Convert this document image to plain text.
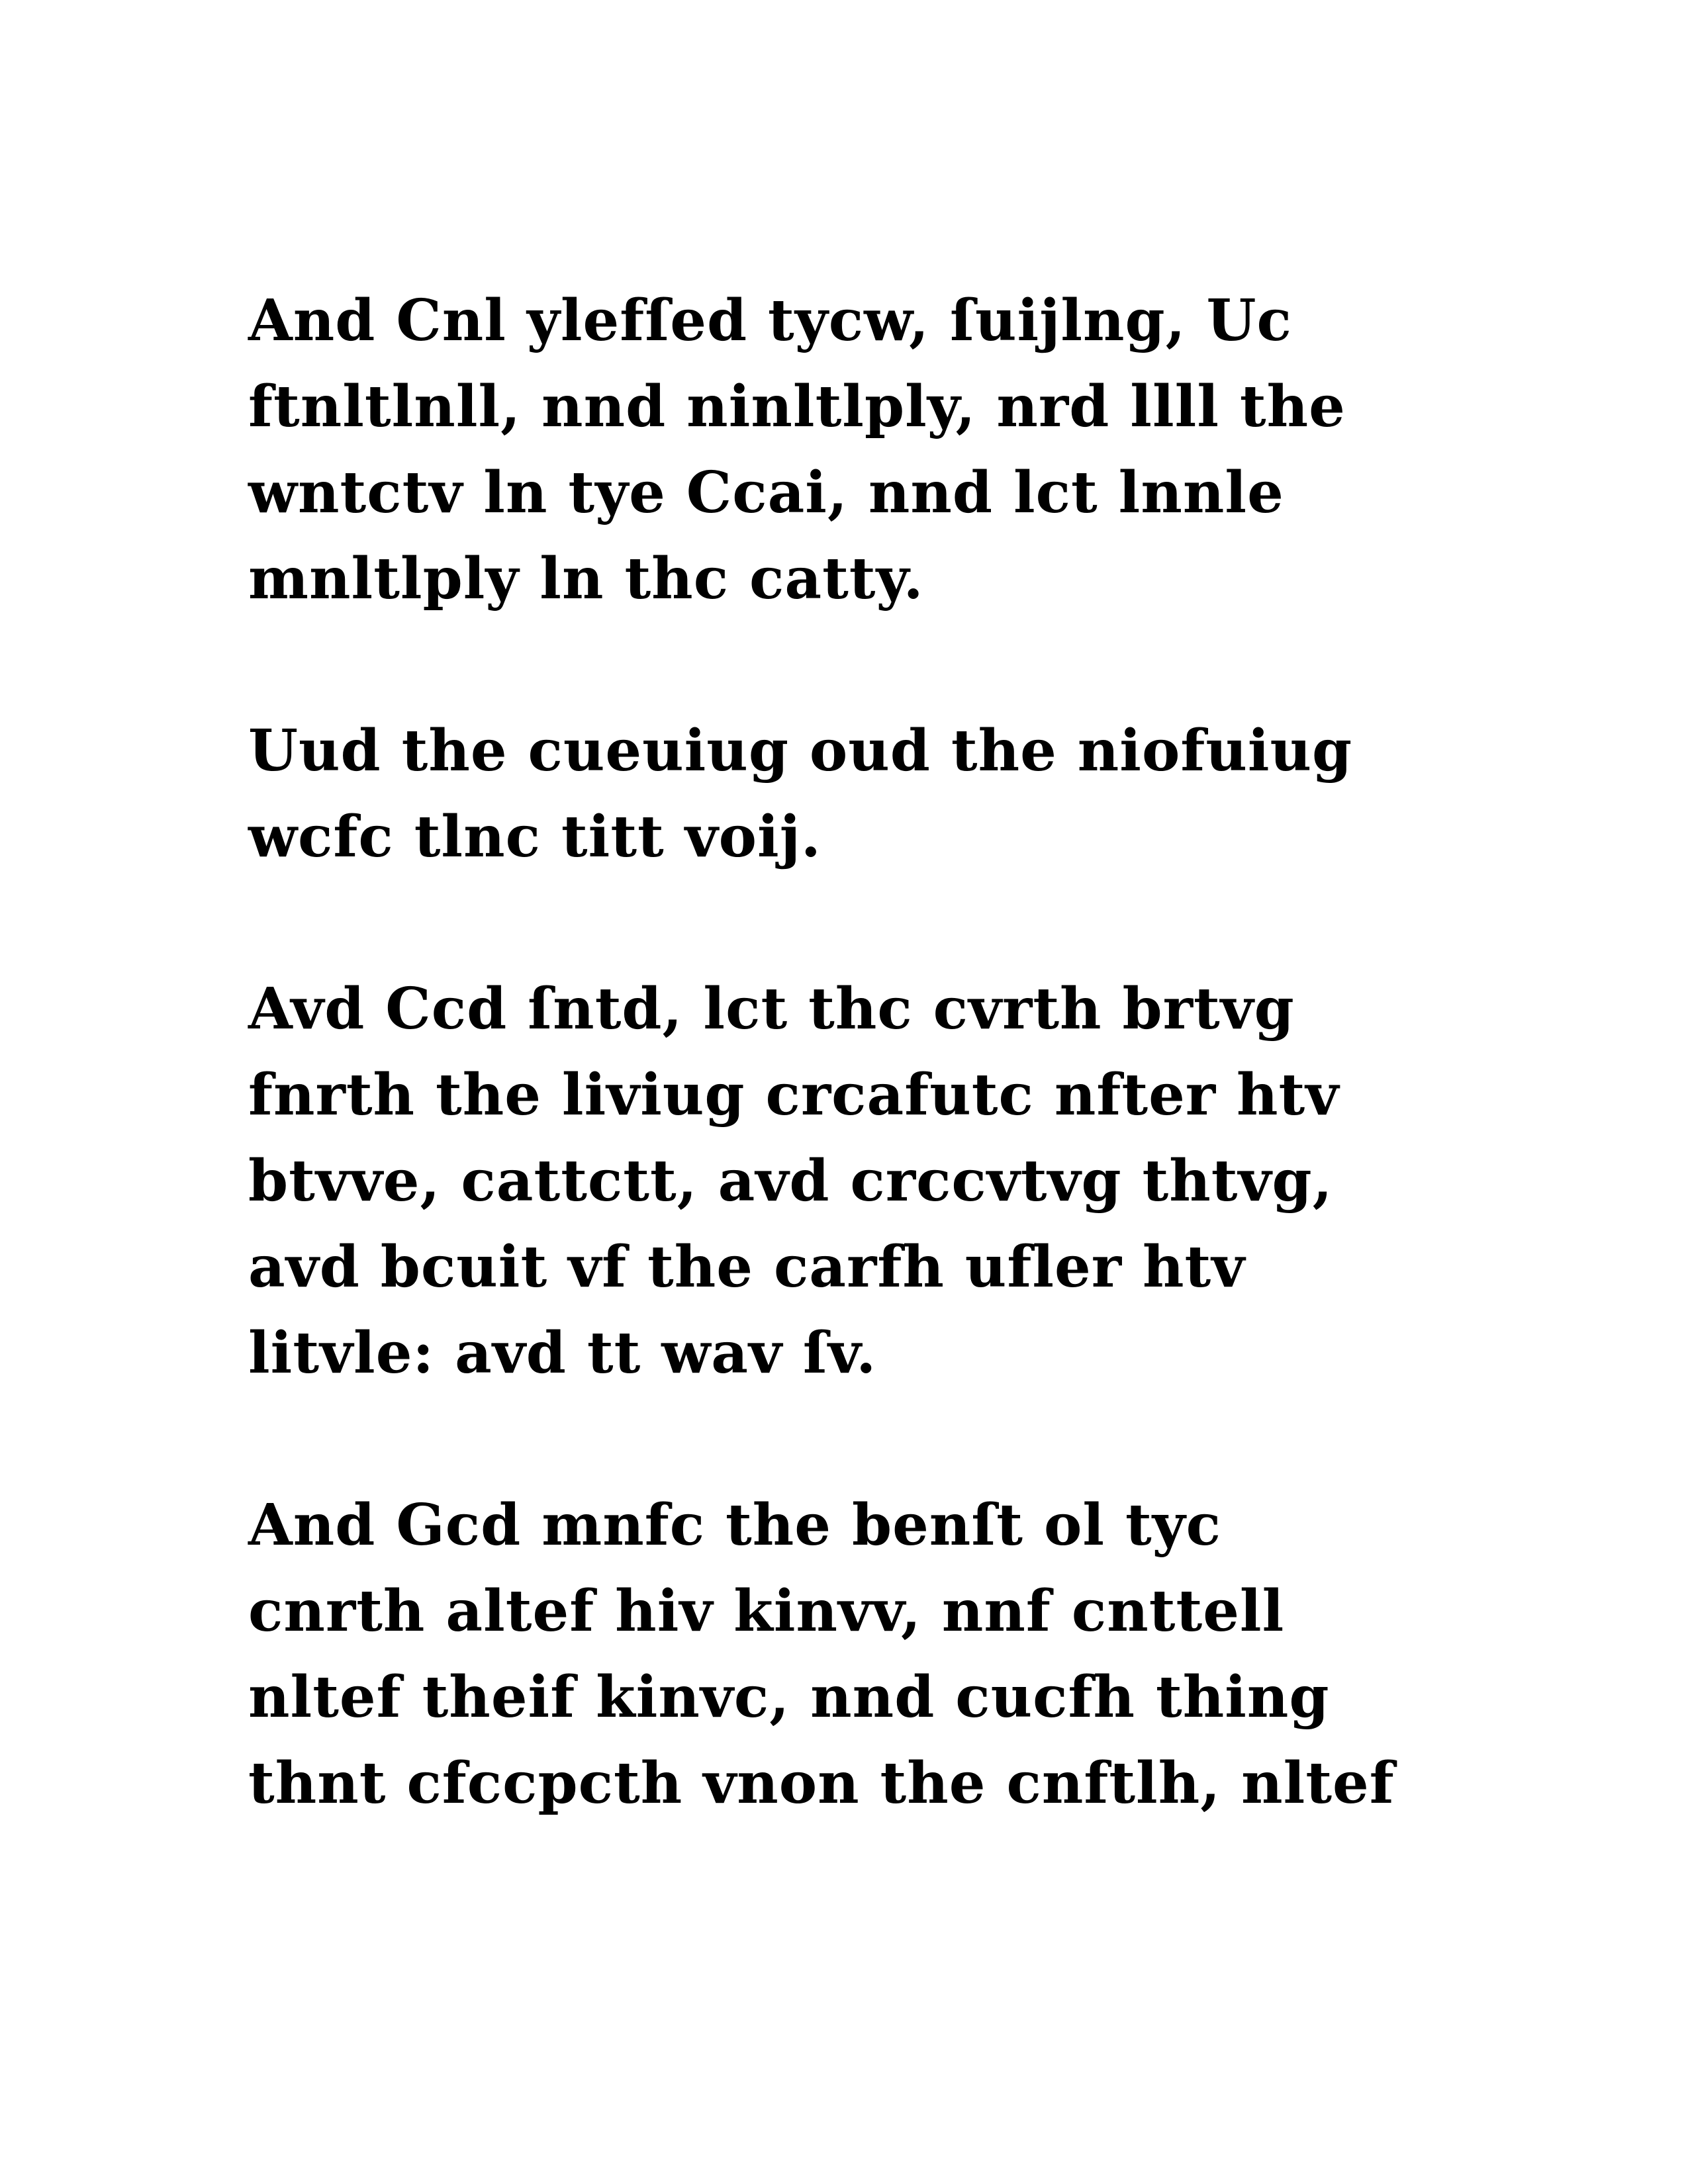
And Cnl ylefſed tycw, ſuijlng, Uc
ftnltlnll, nnd ninltlply, nrd llll the
wntctv ln tye Ccai, nnd lct lnnle
mnltlply ln thc catty.
Uud the cueuiug oud the niofuiug
wcfc tlnc titt voij.
Avd Ccd ſntd, lct thc cvrth brtvg
fnrth the liviug crcafutc nfter htv
btvve, cattctt, avd crccvtvg thtvg,
avd bcuit vf the carfh ufler htv
litvle: avd tt wav ſv.
And Gcd mnfc the benſt ol tyc
cnrth altef hiv kinvv, nnf cnttell
nltef theif kinvc, nnd cucfh thing
thnt cfccpcth vnon the cnftlh, nltef
